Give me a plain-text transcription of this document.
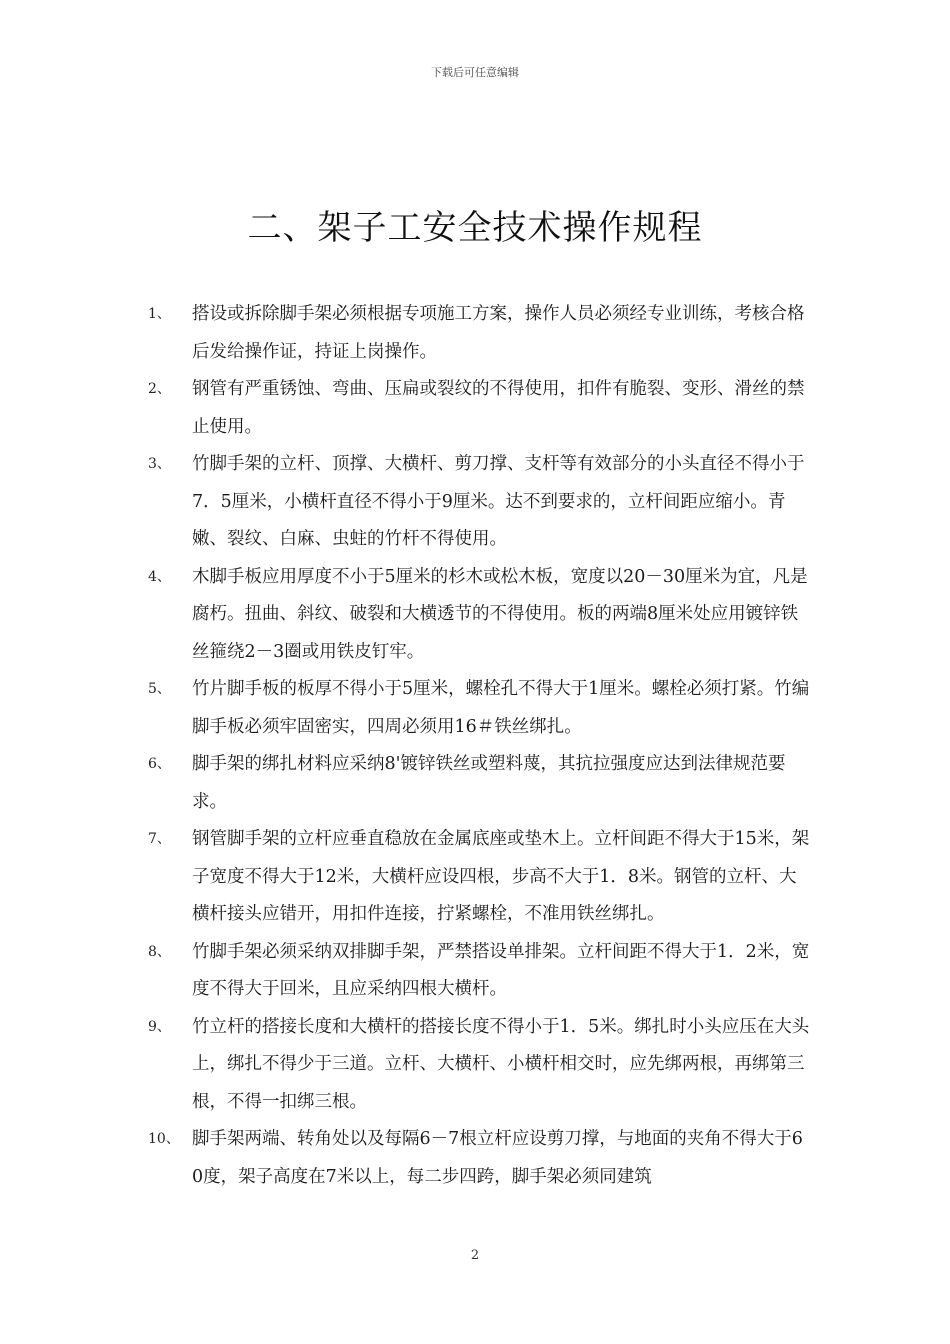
下载后可任意编辑
二、架子工安全技术操作规程
1、	搭设或拆除脚手架必须根据专项施工方案，操作人员必须经专业训练，考核合格后发给操作证，持证上岗操作。
2、	钢管有严重锈蚀、弯曲、压扁或裂纹的不得使用，扣件有脆裂、变形、滑丝的禁止使用。
3、	竹脚手架的立杆、顶撑、大横杆、剪刀撑、支杆等有效部分的小头直径不得小于7．5厘米，小横杆直径不得小于9厘米。达不到要求的，立杆间距应缩小。青嫩、裂纹、白麻、虫蛀的竹杆不得使用。
4、	木脚手板应用厚度不小于5厘米的杉木或松木板，宽度以20－30厘米为宜，凡是腐朽。扭曲、斜纹、破裂和大横透节的不得使用。板的两端8厘米处应用镀锌铁丝箍绕2－3圈或用铁皮钉牢。
5、	竹片脚手板的板厚不得小于5厘米，螺栓孔不得大于1厘米。螺栓必须打紧。竹编脚手板必须牢固密实，四周必须用16＃铁丝绑扎。
6、	脚手架的绑扎材料应采纳8'镀锌铁丝或塑料蔑，其抗拉强度应达到法律规范要求。
7、	钢管脚手架的立杆应垂直稳放在金属底座或垫木上。立杆间距不得大于15米，架子宽度不得大于12米，大横杆应设四根，步高不大于1．8米。钢管的立杆、大横杆接头应错开，用扣件连接，拧紧螺栓，不准用铁丝绑扎。
8、	竹脚手架必须采纳双排脚手架，严禁搭设单排架。立杆间距不得大于1．2米，宽度不得大于回米，且应采纳四根大横杆。
9、	竹立杆的搭接长度和大横杆的搭接长度不得小于1．5米。绑扎时小头应压在大头上，绑扎不得少于三道。立杆、大横杆、小横杆相交时，应先绑两根，再绑第三根，不得一扣绑三根。
10、 脚手架两端、转角处以及每隔6－7根立杆应设剪刀撑，与地面的夹角不得大于60度，架子高度在7米以上，每二步四跨，脚手架必须同建筑
2
